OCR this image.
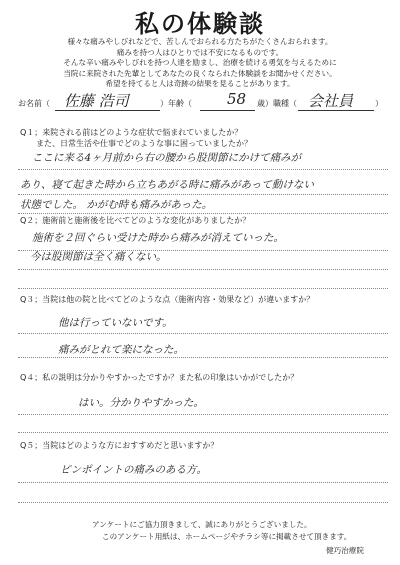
私の体験談
様々な痛みやしびれなどで、苦しんでおられる方たちがたくさんおられます。
痛みを持つ人はひとりでは不安になるものです。
そんな辛い痛みやしびれを持つ人達を励まし、治療を続ける勇気を与えるために
当院に来院された先輩としてあなたの良くなられた体験談をお聞かせください。
希望を持てると人は奇跡の結果を見ることがあります。
お名前（ 佐藤 浩司	）年齢（ 58 歳）職種（ 会社員	）
Q１；来院される前はどのような症状で悩まれていましたか？
　　また、日常生活や仕事でどのような事に困っていましたか？
ここに来る4ヶ月前から右の腰から股関節にかけて痛みが
あり、寝て起きた時から立ちあがる時に痛みがあって動けない
状態でした。 かがむ時も痛みがあった。
Q２；施術前と施術後を比べてどのような変化がありましたか？
施術を２回ぐらい受けた時から痛みが消えていった。
今は股関節は全く痛くない。
Q３；当院は他の院と比べてどのような点（施術内容・効果など）が違いますか？
他は行っていないです。
痛みがとれて楽になった。
Q４；私の説明は分かりやすかったですか？また私の印象はいかがでしたか？
はい。分かりやすかった。
Q５；当院はどのような方におすすめだと思いますか？
ピンポイントの痛みのある方。
アンケートにご協力頂きまして、誠にありがとうございました。
このアンケート用紙は、ホームページやチラシ等に掲載させて頂きます。
健巧治療院
